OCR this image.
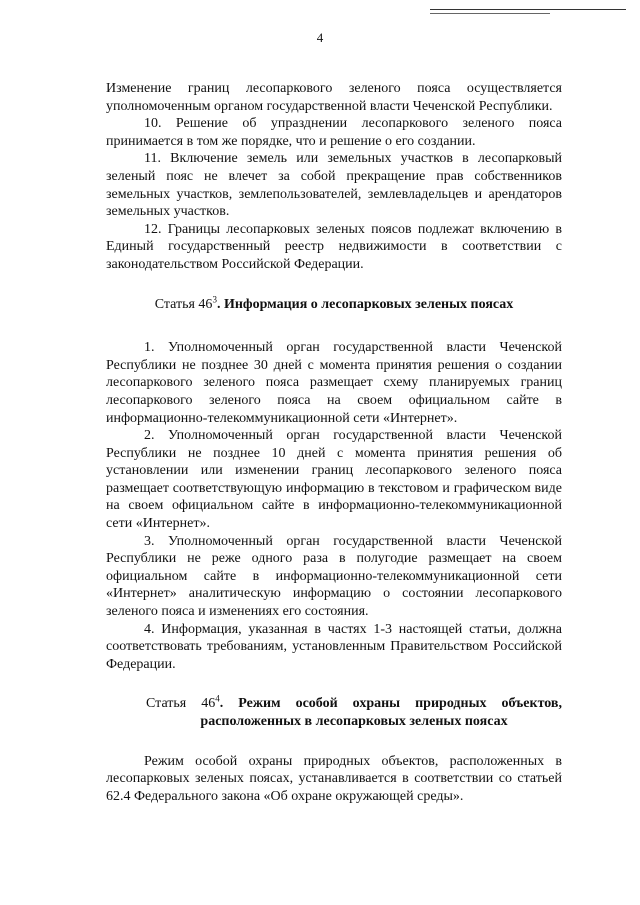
4

Изменение границ лесопаркового зеленого пояса осуществляется уполномоченным органом государственной власти Чеченской Республики.

10. Решение об упразднении лесопаркового зеленого пояса принимается в том же порядке, что и решение о его создании.

11. Включение земель или земельных участков в лесопарковый зеленый пояс не влечет за собой прекращение прав собственников земельных участков, землепользователей, землевладельцев и арендаторов земельных участков.

12. Границы лесопарковых зеленых поясов подлежат включению в Единый государственный реестр недвижимости в соответствии с законодательством Российской Федерации.

Статья $46^3$. Информация о лесопарковых зеленых поясах

1. Уполномоченный орган государственной власти Чеченской Республики не позднее 30 дней с момента принятия решения о создании лесопаркового зеленого пояса размещает схему планируемых границ лесопаркового зеленого пояса на своем официальном сайте в информационно-телекоммуникационной сети «Интернет».

2. Уполномоченный орган государственной власти Чеченской Республики не позднее 10 дней с момента принятия решения об установлении или изменении границ лесопаркового зеленого пояса размещает соответствующую информацию в текстовом и графическом виде на своем официальном сайте в информационно-телекоммуникационной сети «Интернет».

3. Уполномоченный орган государственной власти Чеченской Республики не реже одного раза в полугодие размещает на своем официальном сайте в информационно-телекоммуникационной сети «Интернет» аналитическую информацию о состоянии лесопаркового зеленого пояса и изменениях его состояния.

4. Информация, указанная в частях 1-3 настоящей статьи, должна соответствовать требованиям, установленным Правительством Российской Федерации.

Статья $46^4$. Режим особой охраны природных объектов, расположенных в лесопарковых зеленых поясах

Режим особой охраны природных объектов, расположенных в лесопарковых зеленых поясах, устанавливается в соответствии со статьей 62.4 Федерального закона «Об охране окружающей среды».
